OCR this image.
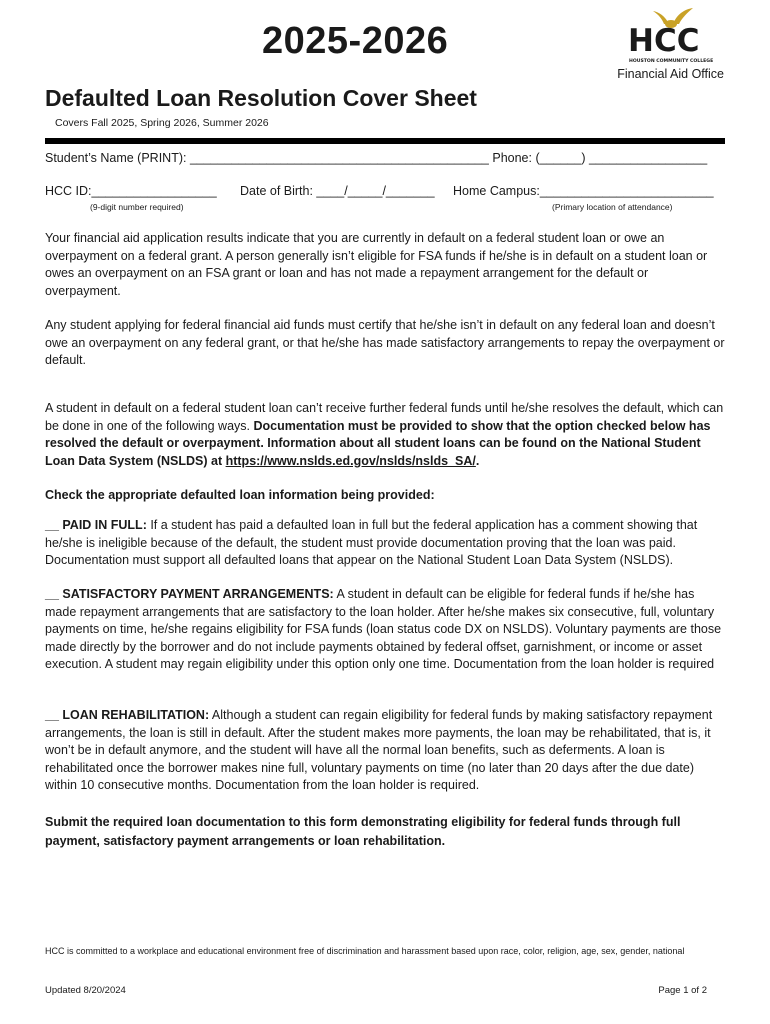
2025-2026	HCC
HOUSTON COMMUNITY COLLEGE
Financial Aid Office
Defaulted Loan Resolution Cover Sheet
Covers Fall 2025, Spring 2026, Summer 2026
Student’s Name (PRINT): ___________________________________________ Phone: (______) _________________
HCC ID:__________________
(9-digit number required)
Date of Birth: ____/_____/_______ Home Campus:_________________________
(Primary location of attendance)

Your financial aid application results indicate that you are currently in default on a federal student loan or owe an overpayment on a federal grant. A person generally isn’t eligible for FSA funds if he/she is in default on a student loan or owes an overpayment on an FSA grant or loan and has not made a repayment arrangement for the default or overpayment.

Any student applying for federal financial aid funds must certify that he/she isn’t in default on any federal loan and doesn’t owe an overpayment on any federal grant, or that he/she has made satisfactory arrangements to repay the overpayment or default.

A student in default on a federal student loan can’t receive further federal funds until he/she resolves the default, which can be done in one of the following ways. Documentation must be provided to show that the option checked below has resolved the default or overpayment. Information about all student loans can be found on the National Student Loan Data System (NSLDS) at https://www.nslds.ed.gov/nslds/nslds_SA/.

Check the appropriate defaulted loan information being provided:

__ PAID IN FULL: If a student has paid a defaulted loan in full but the federal application has a comment showing that he/she is ineligible because of the default, the student must provide documentation proving that the loan was paid. Documentation must support all defaulted loans that appear on the National Student Loan Data System (NSLDS).

__ SATISFACTORY PAYMENT ARRANGEMENTS: A student in default can be eligible for federal funds if he/she has made repayment arrangements that are satisfactory to the loan holder. After he/she makes six consecutive, full, voluntary payments on time, he/she regains eligibility for FSA funds (loan status code DX on NSLDS). Voluntary payments are those made directly by the borrower and do not include payments obtained by federal offset, garnishment, or income or asset execution. A student may regain eligibility under this option only one time. Documentation from the loan holder is required

__ LOAN REHABILITATION: Although a student can regain eligibility for federal funds by making satisfactory repayment arrangements, the loan is still in default. After the student makes more payments, the loan may be rehabilitated, that is, it won’t be in default anymore, and the student will have all the normal loan benefits, such as deferments. A loan is rehabilitated once the borrower makes nine full, voluntary payments on time (no later than 20 days after the due date) within 10 consecutive months. Documentation from the loan holder is required.

Submit the required loan documentation to this form demonstrating eligibility for federal funds through full payment, satisfactory payment arrangements or loan rehabilitation.
HCC is committed to a workplace and educational environment free of discrimination and harassment based upon race, color, religion, age, sex, gender, national
Updated 8/20/2024	Page 1 of 2
